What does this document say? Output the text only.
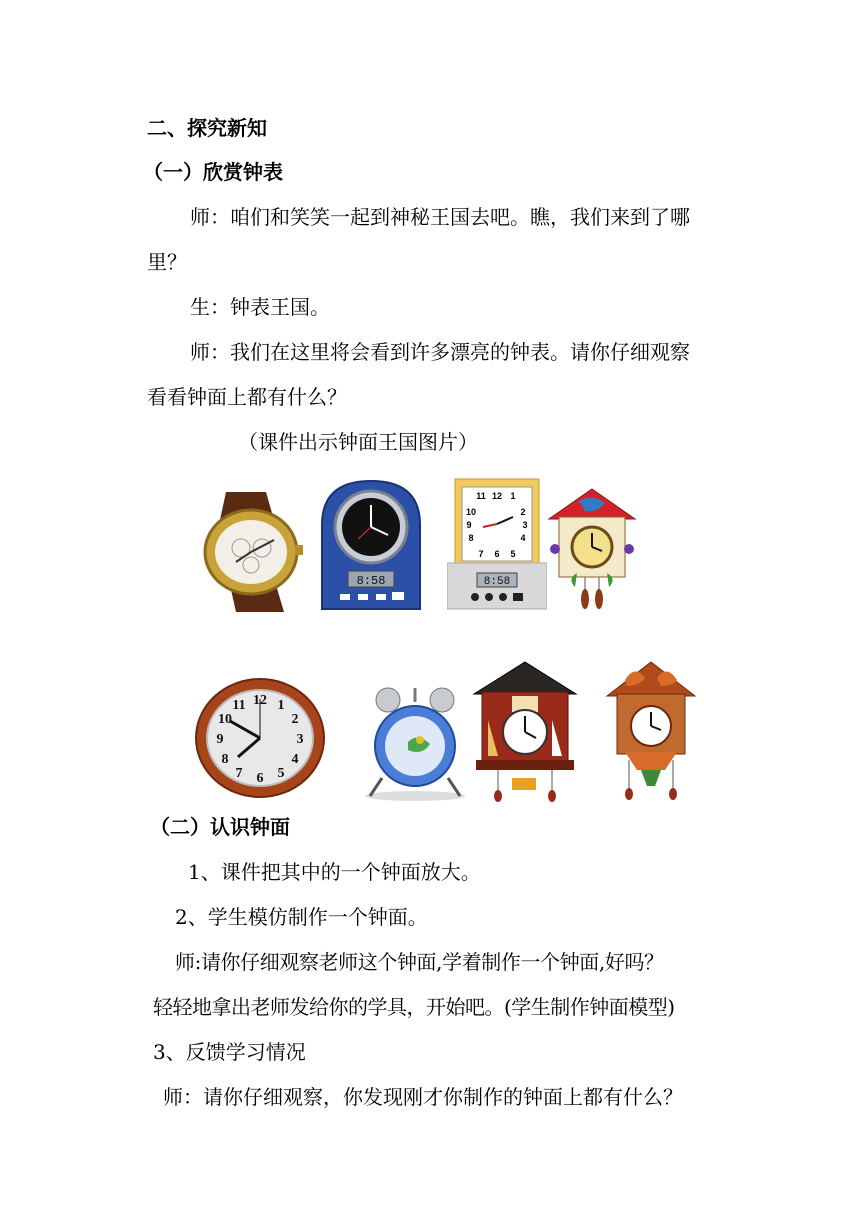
二、探究新知
（一）欣赏钟表
师：咱们和笑笑一起到神秘王国去吧。瞧，我们来到了哪
里？
生：钟表王国。
师：我们在这里将会看到许多漂亮的钟表。请你仔细观察
看看钟面上都有什么？
（课件出示钟面王国图片）
8:58
11 12 1
10	2
9	3
8	4
7 6 5
8:58
12 1
2
3
4
5
6
7
8
9
10
11
（二）认识钟面
1、课件把其中的一个钟面放大。
2、学生模仿制作一个钟面。
师:请你仔细观察老师这个钟面,学着制作一个钟面,好吗？
轻轻地拿出老师发给你的学具，开始吧。(学生制作钟面模型)
3、反馈学习情况
师：请你仔细观察，你发现刚才你制作的钟面上都有什么？
